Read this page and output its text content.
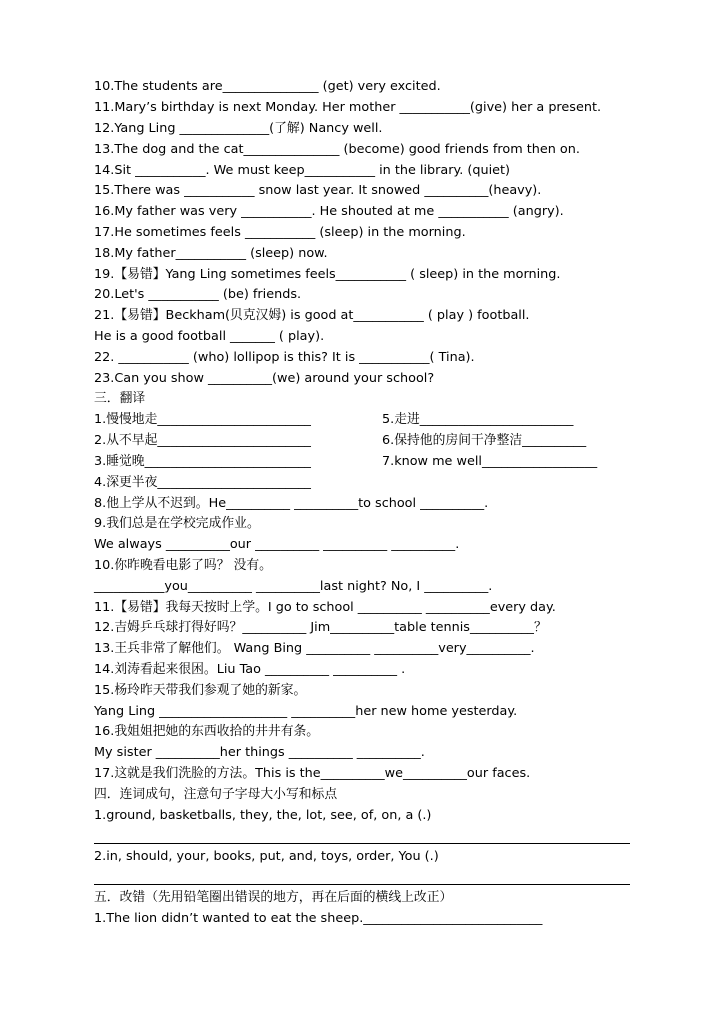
10.The students are_______________ (get) very excited.

11.Mary’s birthday is next Monday. Her mother ___________(give) her a present.

12.Yang Ling ______________(了解) Nancy well.

13.The dog and the cat_______________ (become) good friends from then on.

14.Sit ___________. We must keep___________ in the library. (quiet)

15.There was ___________ snow last year. It snowed __________(heavy).

16.My father was very ___________. He shouted at me ___________ (angry).

17.He sometimes feels ___________ (sleep) in the morning.

18.My father___________ (sleep) now.

19.【易错】Yang Ling sometimes feels___________ ( sleep) in the morning.

20.Let's ___________ (be) friends.

21.【易错】Beckham(贝克汉姆) is good at___________ ( play ) football.

He is a good football _______ ( play).

22. ___________ (who) lollipop is this? It is ___________( Tina).

23.Can you show __________(we) around your school?

三．翻译

1.慢慢地走________________________	5.走进________________________

2.从不早起________________________	6.保持他的房间干净整洁__________

3.睡觉晚__________________________	7.know me well__________________

4.深更半夜________________________

8.他上学从不迟到。He__________ __________to school __________.

9.我们总是在学校完成作业。

We always __________our __________ __________ __________.

10.你昨晚看电影了吗？ 没有。

___________you__________ __________last night? No, I __________.

11.【易错】我每天按时上学。I go to school __________ __________every day.

12.吉姆乒乓球打得好吗？__________ Jim__________table tennis__________？

13.王兵非常了解他们。 Wang Bing __________ __________very__________.

14.刘涛看起来很困。Liu Tao __________ __________ .

15.杨玲昨天带我们参观了她的新家。

Yang Ling ____________________ __________her new home yesterday.

16.我姐姐把她的东西收拾的井井有条。

My sister __________her things __________ __________.

17.这就是我们洗脸的方法。This is the__________we__________our faces.

四．连词成句，注意句子字母大小写和标点

1.ground, basketballs, they, the, lot, see, of, on, a (.)

2.in, should, your, books, put, and, toys, order, You (.)

五．改错（先用铅笔圈出错误的地方，再在后面的横线上改正）

1.The lion didn’t wanted to eat the sheep.____________________________
